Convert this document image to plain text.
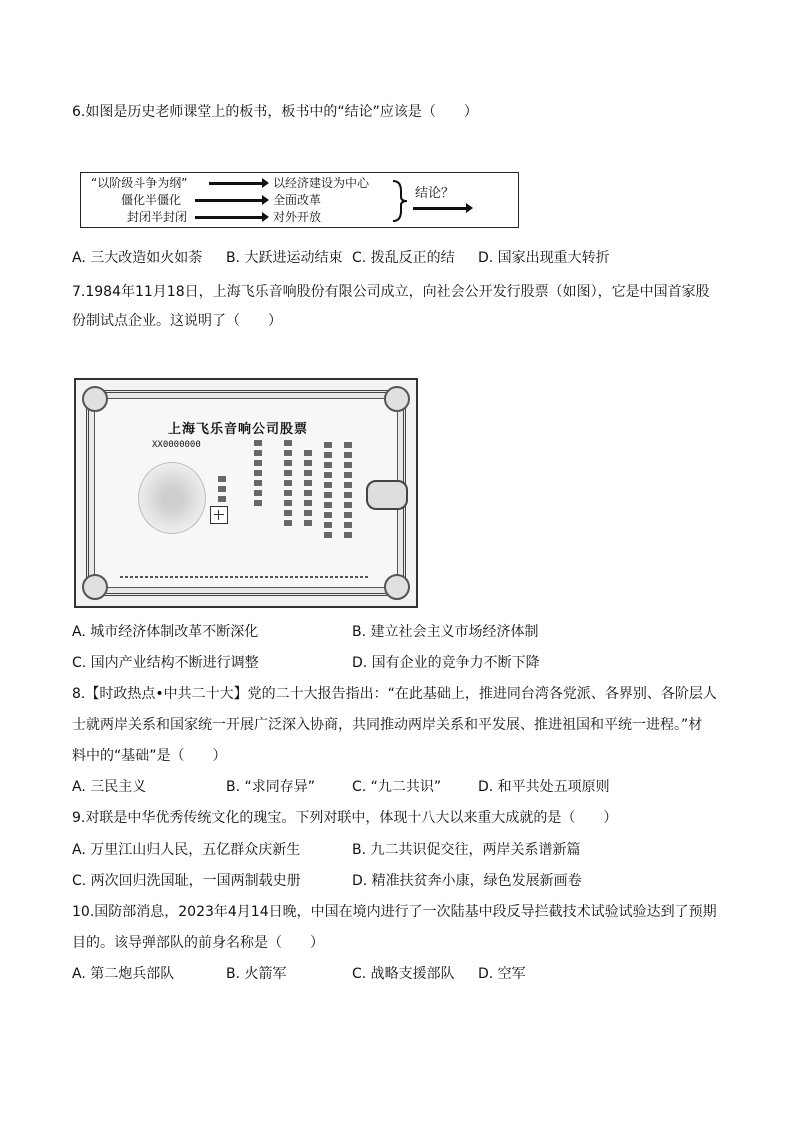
6.如图是历史老师课堂上的板书，板书中的“结论”应该是（　　）
“以阶级斗争为纲”
僵化半僵化
封闭半封闭
以经济建设为中心
全面改革
对外开放
结论？
A. 三大改造如火如荼 B. 大跃进运动结束 C. 拨乱反正的结 D. 国家出现重大转折
7.1984年11月18日，上海飞乐音响股份有限公司成立，向社会公开发行股票（如图），它是中国首家股
份制试点企业。这说明了（　　）
上海飞乐音响公司股票
XX0000000
A. 城市经济体制改革不断深化	B. 建立社会主义市场经济体制
C. 国内产业结构不断进行调整	D. 国有企业的竞争力不断下降
8.【时政热点•中共二十大】党的二十大报告指出：“在此基础上，推进同台湾各党派、各界别、各阶层人
士就两岸关系和国家统一开展广泛深入协商，共同推动两岸关系和平发展、推进祖国和平统一进程。”材
料中的“基础”是（　　）
A. 三民主义	B. “求同存异”	C. “九二共识”	D. 和平共处五项原则
9.对联是中华优秀传统文化的瑰宝。下列对联中，体现十八大以来重大成就的是（　　）
A. 万里江山归人民，五亿群众庆新生	B. 九二共识促交往，两岸关系谱新篇
C. 两次回归洗国耻，一国两制载史册	D. 精准扶贫奔小康，绿色发展新画卷
10.国防部消息，2023年4月14日晚，中国在境内进行了一次陆基中段反导拦截技术试验试验达到了预期
目的。该导弹部队的前身名称是（　　）
A. 第二炮兵部队	B. 火箭军	C. 战略支援部队 D. 空军
